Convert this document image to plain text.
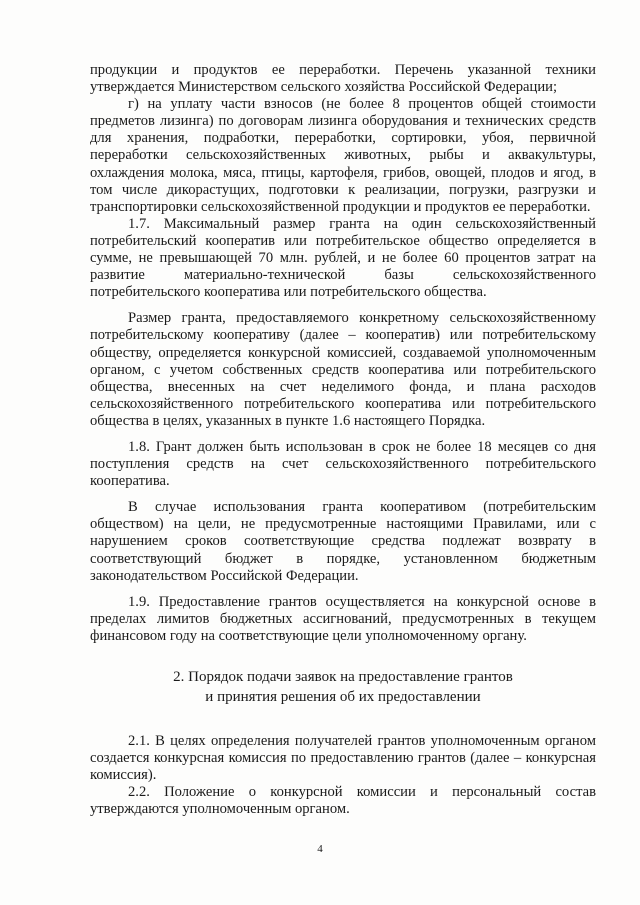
продукции и продуктов ее переработки. Перечень указанной техники утверждается Министерством сельского хозяйства Российской Федерации;

г) на уплату части взносов (не более 8 процентов общей стоимости предметов лизинга) по договорам лизинга оборудования и технических средств для хранения, подработки, переработки, сортировки, убоя, первичной переработки сельскохозяйственных животных, рыбы и аквакультуры, охлаждения молока, мяса, птицы, картофеля, грибов, овощей, плодов и ягод, в том числе дикорастущих, подготовки к реализации, погрузки, разгрузки и транспортировки сельскохозяйственной продукции и продуктов ее переработки.

1.7. Максимальный размер гранта на один сельскохозяйственный потребительский кооператив или потребительское общество определяется в сумме, не превышающей 70 млн. рублей, и не более 60 процентов затрат на развитие материально-технической базы сельскохозяйственного потребительского кооператива или потребительского общества.

Размер гранта, предоставляемого конкретному сельскохозяйственному потребительскому кооперативу (далее – кооператив) или потребительскому обществу, определяется конкурсной комиссией, создаваемой уполномоченным органом, с учетом собственных средств кооператива или потребительского общества, внесенных на счет неделимого фонда, и плана расходов сельскохозяйственного потребительского кооператива или потребительского общества в целях, указанных в пункте 1.6 настоящего Порядка.

1.8. Грант должен быть использован в срок не более 18 месяцев со дня поступления средств на счет сельскохозяйственного потребительского кооператива.

В случае использования гранта кооперативом (потребительским обществом) на цели, не предусмотренные настоящими Правилами, или с нарушением сроков соответствующие средства подлежат возврату в соответствующий бюджет в порядке, установленном бюджетным законодательством Российской Федерации.

1.9. Предоставление грантов осуществляется на конкурсной основе в пределах лимитов бюджетных ассигнований, предусмотренных в текущем финансовом году на соответствующие цели уполномоченному органу.

2. Порядок подачи заявок на предоставление грантов
и принятия решения об их предоставлении

2.1. В целях определения получателей грантов уполномоченным органом создается конкурсная комиссия по предоставлению грантов (далее – конкурсная комиссия).

2.2. Положение о конкурсной комиссии и персональный состав утверждаются уполномоченным органом.

4
